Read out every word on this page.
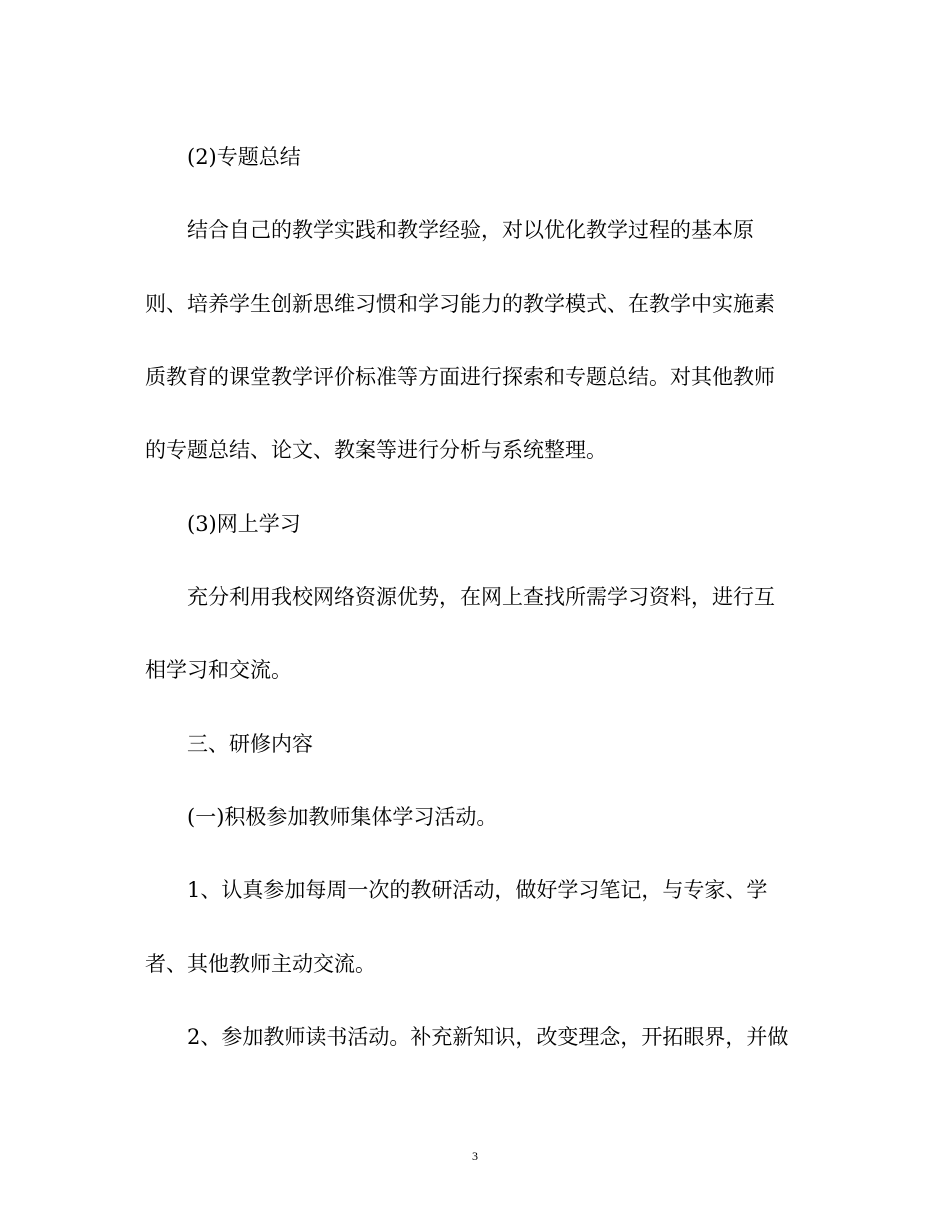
(2)专题总结
结合自己的教学实践和教学经验，对以优化教学过程的基本原
则、培养学生创新思维习惯和学习能力的教学模式、在教学中实施素
质教育的课堂教学评价标准等方面进行探索和专题总结。对其他教师
的专题总结、论文、教案等进行分析与系统整理。
(3)网上学习
充分利用我校网络资源优势，在网上查找所需学习资料，进行互
相学习和交流。
三、研修内容
(一)积极参加教师集体学习活动。
1、认真参加每周一次的教研活动，做好学习笔记，与专家、学
者、其他教师主动交流。
2、参加教师读书活动。补充新知识，改变理念，开拓眼界，并做
3
